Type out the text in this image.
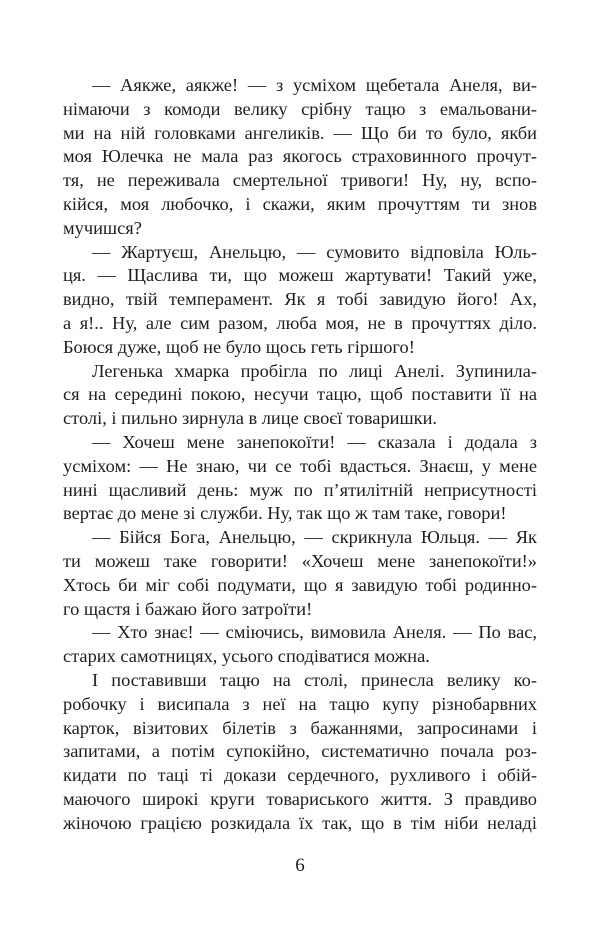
— Аякже, аякже! — з усміхом щебетала Анеля, ви-
німаючи з комоди велику срібну тацю з емальовани-
ми на ній головками ангеликів. — Що би то було, якби
моя Юлечка не мала раз якогось страховинного прочут-
тя, не переживала смертельної тривоги! Ну, ну, вспо-
кійся, моя любочко, і скажи, яким прочуттям ти знов
мучишся?
— Жартуєш, Анельцю, — сумовито відповіла Юль-
ця. — Щаслива ти, що можеш жартувати! Такий уже,
видно, твій темперамент. Як я тобі завидую його! Ах,
а я!.. Ну, але сим разом, люба моя, не в прочуттях діло.
Боюся дуже, щоб не було щось геть гіршого!
Легенька хмарка пробігла по лиці Анелі. Зупинила-
ся на середині покою, несучи тацю, щоб поставити її на
столі, і пильно зирнула в лице своєї товаришки.
— Хочеш мене занепокоїти! — сказала і додала з
усміхом: — Не знаю, чи се тобі вдасться. Знаєш, у мене
нині щасливий день: муж по п’ятилітній неприсутності
вертає до мене зі служби. Ну, так що ж там таке, говори!
— Бійся Бога, Анельцю, — скрикнула Юльця. — Як
ти можеш таке говорити! «Хочеш мене занепокоїти!»
Хтось би міг собі подумати, що я завидую тобі родинно-
го щастя і бажаю його затроїти!
— Хто знає! — сміючись, вимовила Анеля. — По вас,
старих самотницях, усього сподіватися можна.
І поставивши тацю на столі, принесла велику ко-
робочку і висипала з неї на тацю купу різнобарвних
карток, візитових білетів з бажаннями, запросинами і
запитами, а потім супокійно, систематично почала роз-
кидати по таці ті докази сердечного, рухливого і обій-
маючого широкі круги товариського життя. З правдиво
жіночою грацією розкидала їх так, що в тім ніби неладі
6
